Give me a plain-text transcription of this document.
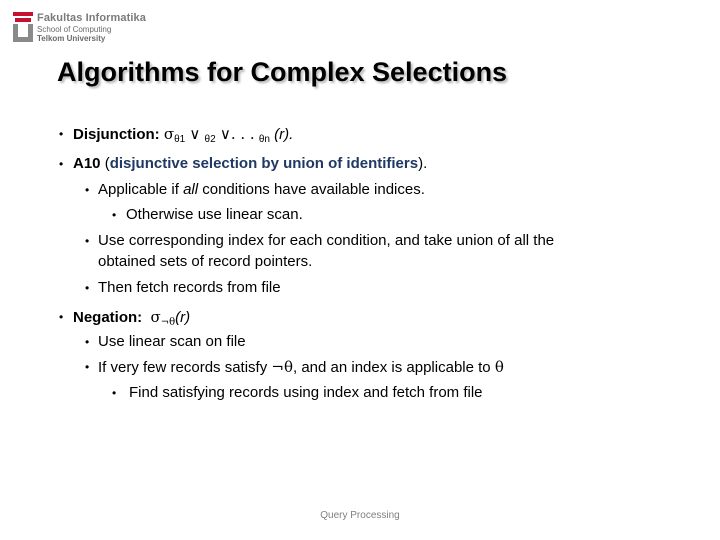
Fakultas Informatika
School of Computing
Telkom University
Algorithms for Complex Selections
• Disjunction: $\sigma_{\theta 1}$ ∨ $_{\theta 2}$ ∨. . . $_{\theta n}$ (r).
• A10 (disjunctive selection by union of identifiers).
• Applicable if all conditions have available indices.
• Otherwise use linear scan.
• Use corresponding index for each condition, and take union of all the
obtained sets of record pointers.
• Then fetch records from file
• Negation: $\sigma_{\neg\theta}(r)$
• Use linear scan on file
• If very few records satisfy ¬θ, and an index is applicable to θ
• Find satisfying records using index and fetch from file
Query Processing
